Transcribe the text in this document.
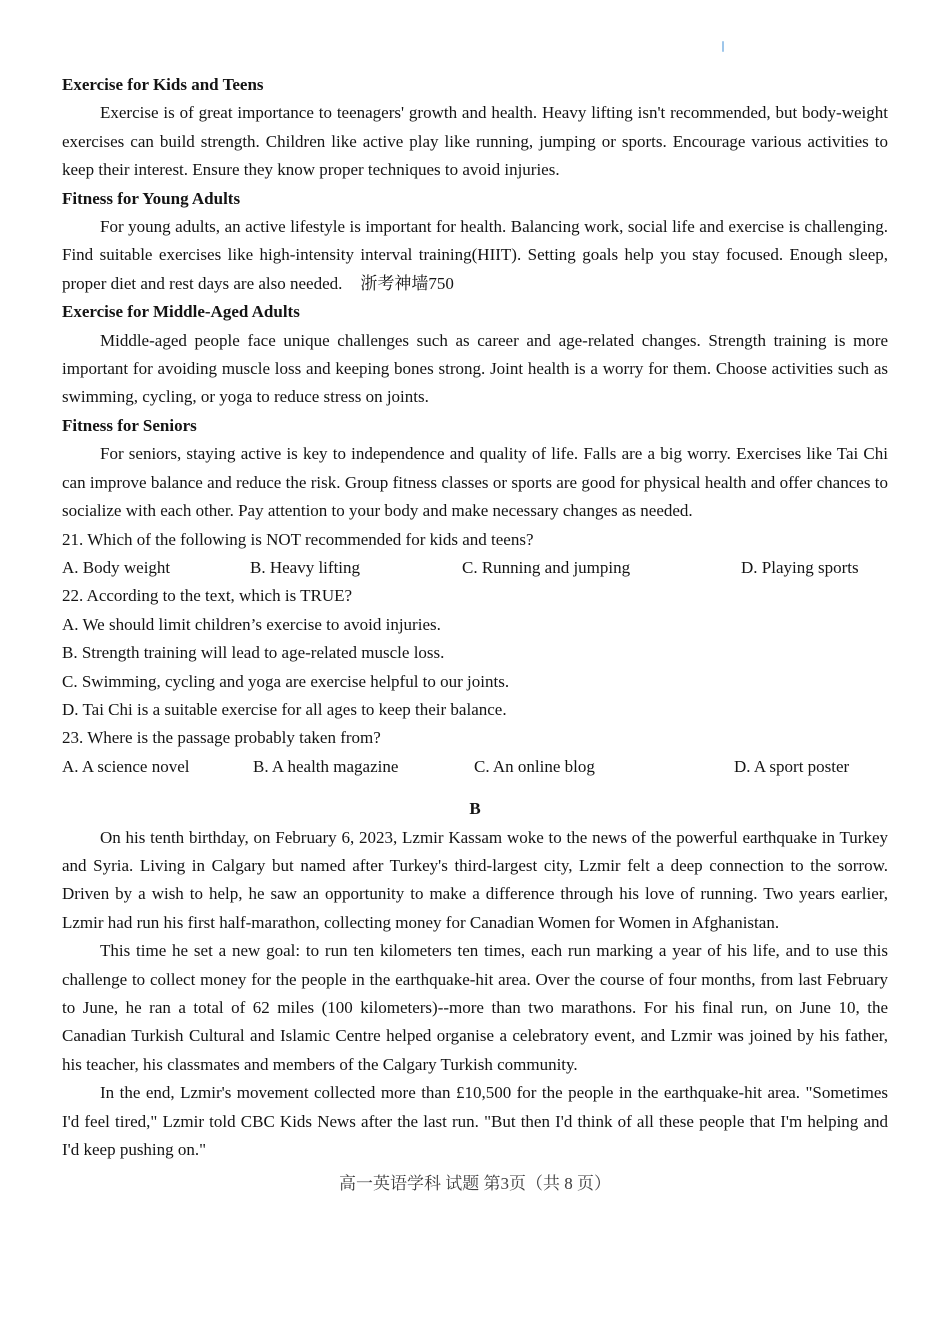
Exercise for Kids and Teens

Exercise is of great importance to teenagers' growth and health. Heavy lifting isn't recommended, but body-weight exercises can build strength. Children like active play like running, jumping or sports. Encourage various activities to keep their interest. Ensure they know proper techniques to avoid injuries.

Fitness for Young Adults

For young adults, an active lifestyle is important for health. Balancing work, social life and exercise is challenging. Find suitable exercises like high-intensity interval training(HIIT). Setting goals help you stay focused. Enough sleep, proper diet and rest days are also needed. 浙考神墙750

Exercise for Middle-Aged Adults

Middle-aged people face unique challenges such as career and age-related changes. Strength training is more important for avoiding muscle loss and keeping bones strong. Joint health is a worry for them. Choose activities such as swimming, cycling, or yoga to reduce stress on joints.

Fitness for Seniors

For seniors, staying active is key to independence and quality of life. Falls are a big worry. Exercises like Tai Chi can improve balance and reduce the risk. Group fitness classes or sports are good for physical health and offer chances to socialize with each other. Pay attention to your body and make necessary changes as needed.

21. Which of the following is NOT recommended for kids and teens?

A. Body weight	B. Heavy lifting	C. Running and jumping	D. Playing sports

22. According to the text, which is TRUE?

A. We should limit children’s exercise to avoid injuries.

B. Strength training will lead to age-related muscle loss.

C. Swimming, cycling and yoga are exercise helpful to our joints.

D. Tai Chi is a suitable exercise for all ages to keep their balance.

23. Where is the passage probably taken from?

A. A science novel	B. A health magazine	C. An online blog	D. A sport poster
B

On his tenth birthday, on February 6, 2023, Lzmir Kassam woke to the news of the powerful earthquake in Turkey and Syria. Living in Calgary but named after Turkey's third-largest city, Lzmir felt a deep connection to the sorrow. Driven by a wish to help, he saw an opportunity to make a difference through his love of running. Two years earlier, Lzmir had run his first half-marathon, collecting money for Canadian Women for Women in Afghanistan.

This time he set a new goal: to run ten kilometers ten times, each run marking a year of his life, and to use this challenge to collect money for the people in the earthquake-hit area. Over the course of four months, from last February to June, he ran a total of 62 miles (100 kilometers)--more than two marathons. For his final run, on June 10, the Canadian Turkish Cultural and Islamic Centre helped organise a celebratory event, and Lzmir was joined by his father, his teacher, his classmates and members of the Calgary Turkish community.

In the end, Lzmir's movement collected more than £10,500 for the people in the earthquake-hit area. "Sometimes I'd feel tired," Lzmir told CBC Kids News after the last run. "But then I'd think of all these people that I'm helping and I'd keep pushing on."

高一英语学科 试题 第3页（共 8 页）
